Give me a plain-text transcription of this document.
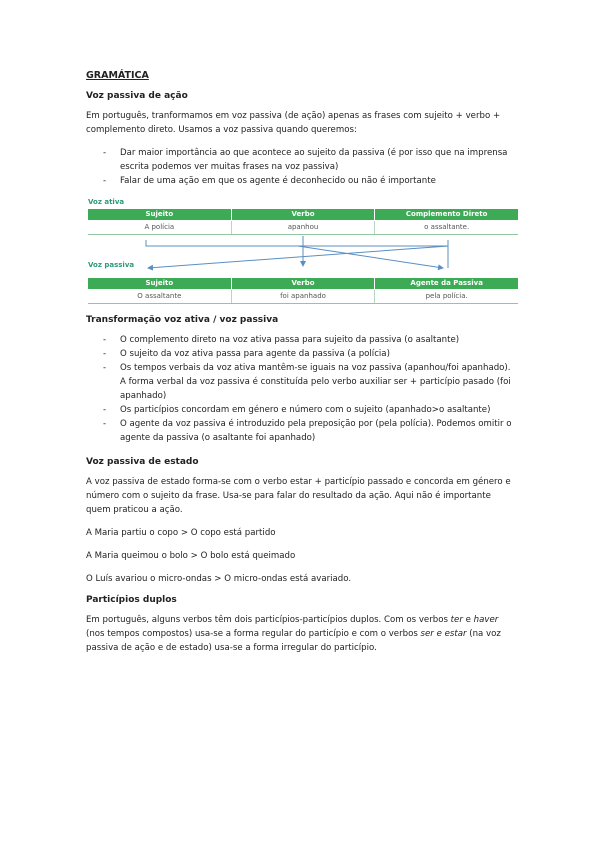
GRAMÁTICA
Voz passiva de ação

Em português, tranformamos em voz passiva (de ação) apenas as frases com sujeito + verbo + complemento direto. Usamos a voz passiva quando queremos:

- Dar maior importância ao que acontece ao sujeito da passiva (é por isso que na imprensa escrita podemos ver muitas frases na voz passiva)
- Falar de uma ação em que os agente é deconhecido ou não é importante
Voz ativa
Sujeito	Verbo	Complemento Direto
A polícia	apanhou	o assaltante.
Voz passiva
Sujeito	Verbo	Agente da Passiva
O assaltante	foi apanhado	pela polícia.
Transformação voz ativa / voz passiva
- O complemento direto na voz ativa passa para sujeito da passiva (o asaltante)
- O sujeito da voz ativa passa para agente da passiva (a polícia)
- Os tempos verbais da voz ativa mantêm-se iguais na voz passiva (apanhou/foi apanhado). A forma verbal da voz passiva é constituída pelo verbo auxiliar ser + particípio pasado (foi apanhado)
- Os particípios concordam em género e número com o sujeito (apanhado>o asaltante)
- O agente da voz passiva é introduzido pela preposição por (pela polícia). Podemos omitir o agente da passiva (o asaltante foi apanhado)
Voz passiva de estado

A voz passiva de estado forma-se com o verbo estar + particípio passado e concorda em género e número com o sujeito da frase. Usa-se para falar do resultado da ação. Aqui não é importante quem praticou a ação.

A Maria partiu o copo > O copo está partido

A Maria queimou o bolo > O bolo está queimado

O Luís avariou o micro-ondas > O micro-ondas está avariado.

Particípios duplos

Em português, alguns verbos têm dois particípios-particípios duplos. Com os verbos ter e haver (nos tempos compostos) usa-se a forma regular do particípio e com o verbos ser e estar (na voz passiva de ação e de estado) usa-se a forma irregular do particípio.
